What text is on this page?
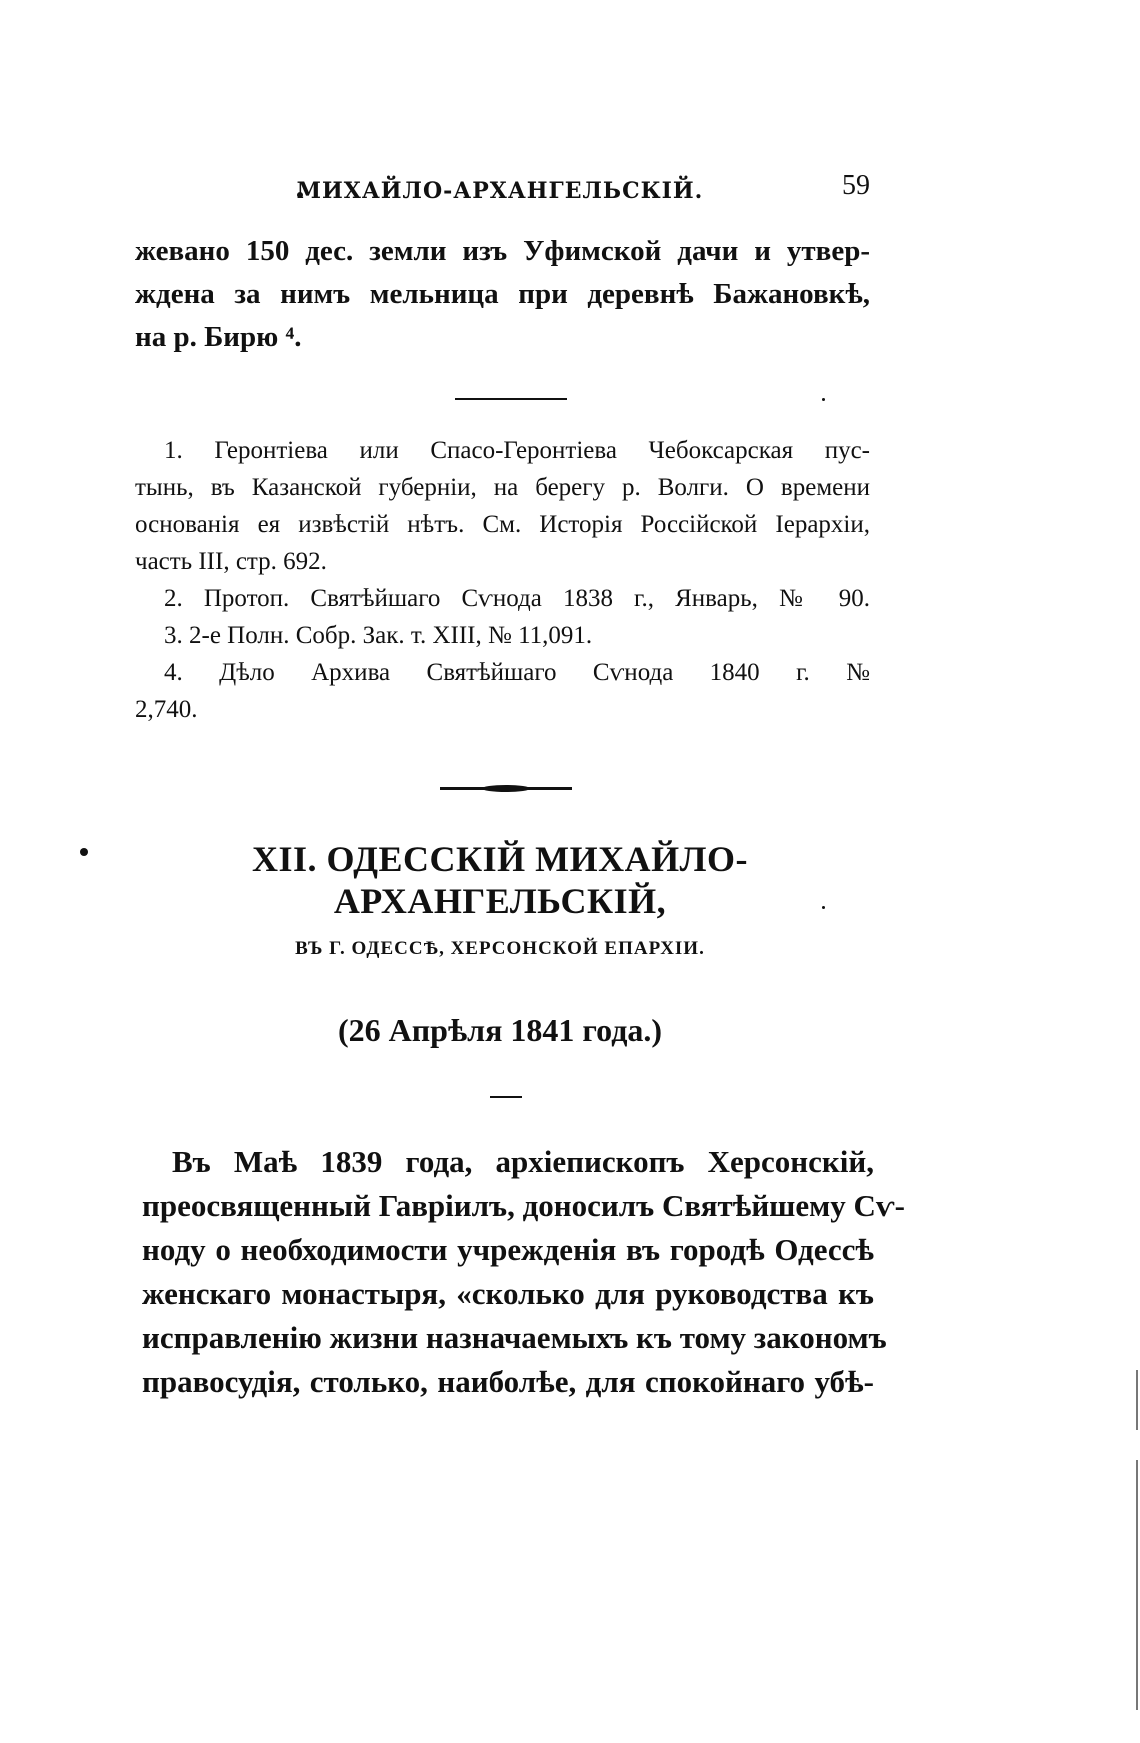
МИХАЙЛО-АРХАНГЕЛЬСКІЙ.	59
жевано 150 дес. земли изъ Уфимской дачи и утвер-
ждена за нимъ мельница при деревнѣ Бажановкѣ,
на р. Бирю ⁴.
1. Геронтіева или Спасо-Геронтіева Чебоксарская пус-
тынь, въ Казанской губерніи, на берегу р. Волги. О времени
основанія ея извѣстій нѣтъ. См. Исторія Россійской Іерархіи,
часть III, стр. 692.
2. Протоп. Святѣйшаго Сѵнода 1838 г., Январь, № 90.
3. 2-е Полн. Собр. Зак. т. XIII, № 11,091.
4. Дѣло Архива Святѣйшаго Сѵнода 1840 г. №
2,740.
XII. ОДЕССКІЙ МИХАЙЛО-АРХАНГЕЛЬСКІЙ,
ВЪ Г. ОДЕССѢ, ХЕРСОНСКОЙ ЕПАРХІИ.
(26 Апрѣля 1841 года.)
Въ Маѣ 1839 года, архіепископъ Херсонскій,
преосвященный Гавріилъ, доносилъ Святѣйшему Сѵ-
ноду о необходимости учрежденія въ городѣ Одессѣ
женскаго монастыря, «сколько для руководства къ
исправленію жизни назначаемыхъ къ тому закономъ
правосудія, столько, наиболѣе, для спокойнаго убѣ-
